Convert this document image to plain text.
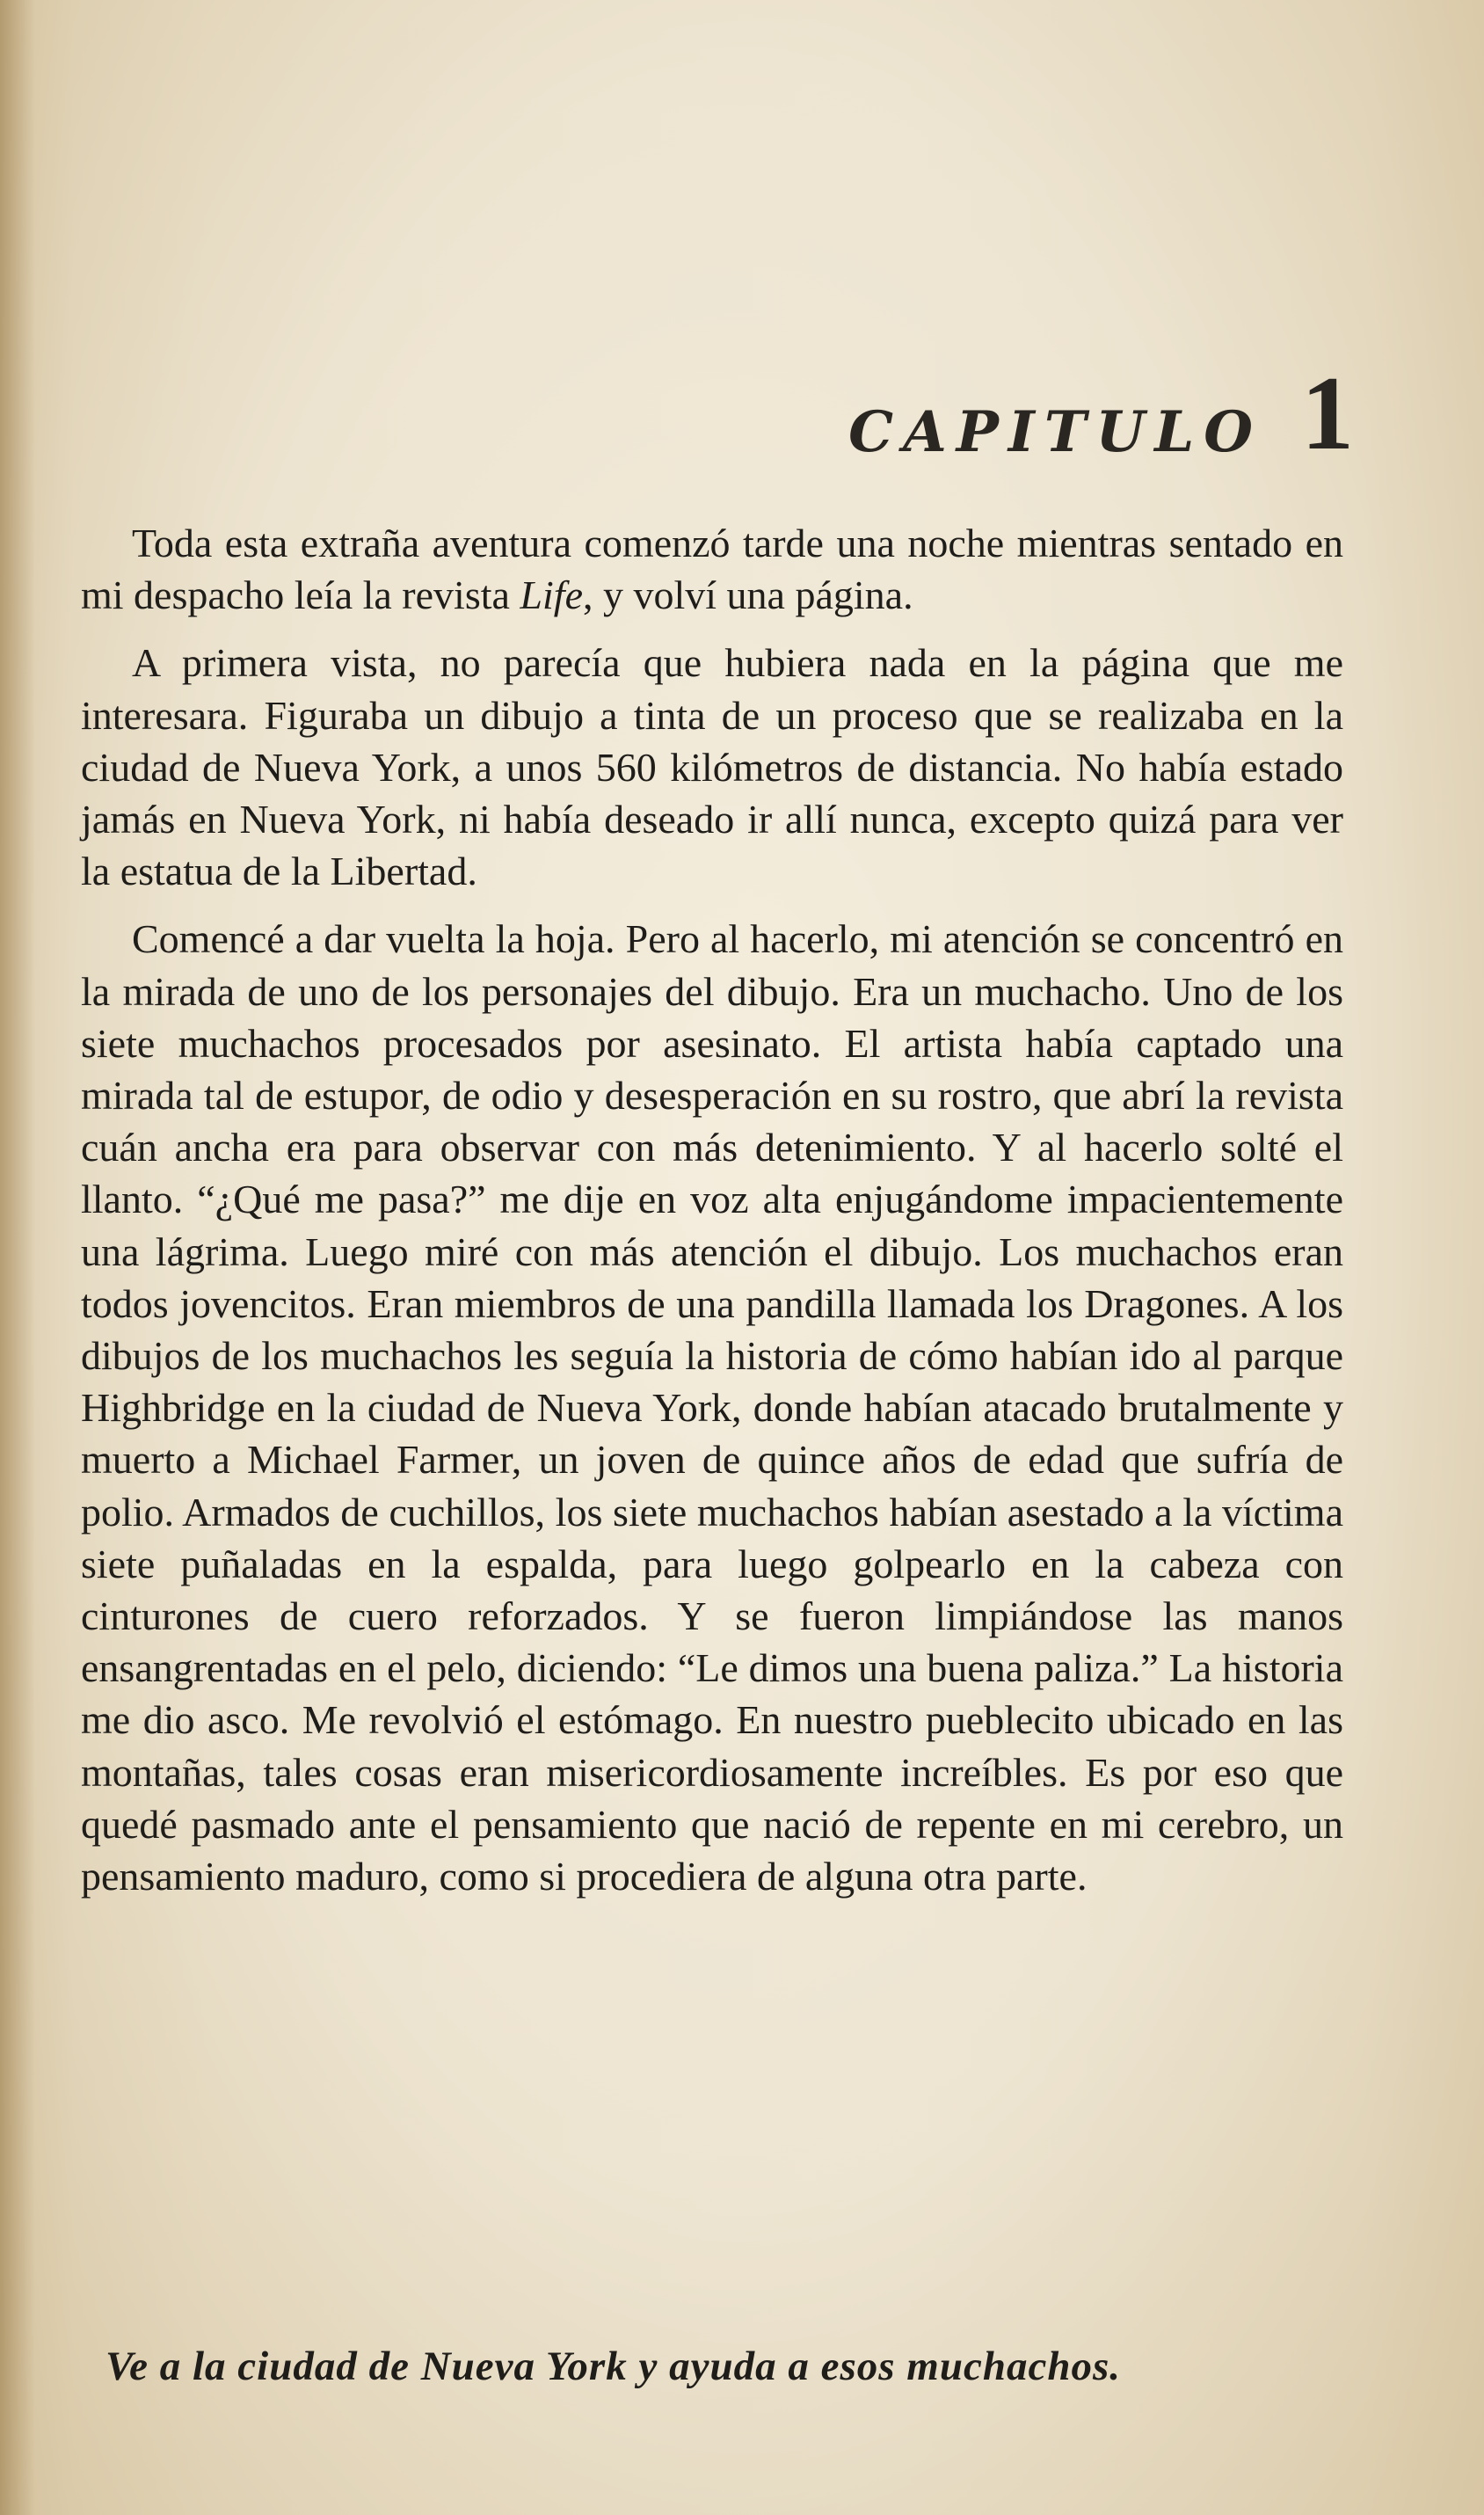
CAPITULO 1

Toda esta extraña aventura comenzó tarde una noche mientras sentado en mi despacho leía la revista Life, y volví una página.

A primera vista, no parecía que hubiera nada en la página que me interesara. Figuraba un dibujo a tinta de un proceso que se realizaba en la ciudad de Nueva York, a unos 560 kilómetros de distancia. No había estado jamás en Nueva York, ni había deseado ir allí nunca, excepto quizá para ver la estatua de la Libertad.

Comencé a dar vuelta la hoja. Pero al hacerlo, mi atención se concentró en la mirada de uno de los personajes del dibujo. Era un muchacho. Uno de los siete muchachos procesados por asesinato. El artista había captado una mirada tal de estupor, de odio y desesperación en su rostro, que abrí la revista cuán ancha era para observar con más detenimiento. Y al hacerlo solté el llanto. “¿Qué me pasa?” me dije en voz alta enjugándome impacientemente una lágrima. Luego miré con más atención el dibujo. Los muchachos eran todos jovencitos. Eran miembros de una pandilla llamada los Dragones. A los dibujos de los muchachos les seguía la historia de cómo habían ido al parque Highbridge en la ciudad de Nueva York, donde habían atacado brutalmente y muerto a Michael Farmer, un joven de quince años de edad que sufría de polio. Armados de cuchillos, los siete muchachos habían asestado a la víctima siete puñaladas en la espalda, para luego golpearlo en la cabeza con cinturones de cuero reforzados. Y se fueron limpiándose las manos ensangrentadas en el pelo, diciendo: “Le dimos una buena paliza.” La historia me dio asco. Me revolvió el estómago. En nuestro pueblecito ubicado en las montañas, tales cosas eran misericordiosamente increíbles. Es por eso que quedé pasmado ante el pensamiento que nació de repente en mi cerebro, un pensamiento maduro, como si procediera de alguna otra parte.

Ve a la ciudad de Nueva York y ayuda a esos muchachos.
